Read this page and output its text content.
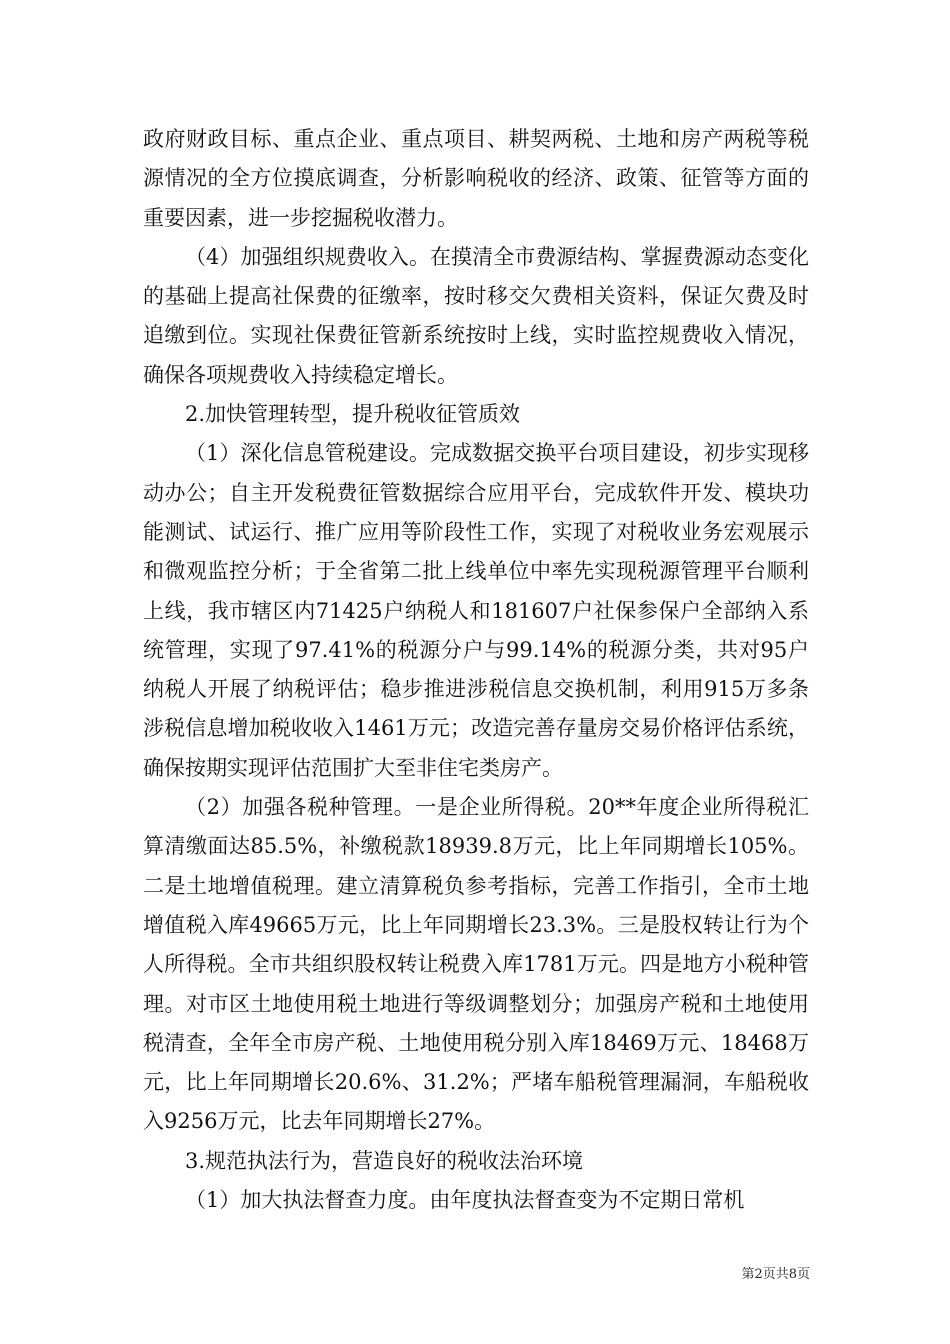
政府财政目标、重点企业、重点项目、耕契两税、土地和房产两税等税源情况的全方位摸底调查，分析影响税收的经济、政策、征管等方面的重要因素，进一步挖掘税收潜力。

（4）加强组织规费收入。在摸清全市费源结构、掌握费源动态变化的基础上提高社保费的征缴率，按时移交欠费相关资料，保证欠费及时追缴到位。实现社保费征管新系统按时上线，实时监控规费收入情况，确保各项规费收入持续稳定增长。

2.加快管理转型，提升税收征管质效

（1）深化信息管税建设。完成数据交换平台项目建设，初步实现移动办公；自主开发税费征管数据综合应用平台，完成软件开发、模块功能测试、试运行、推广应用等阶段性工作，实现了对税收业务宏观展示和微观监控分析；于全省第二批上线单位中率先实现税源管理平台顺利上线，我市辖区内71425户纳税人和181607户社保参保户全部纳入系统管理，实现了97.41%的税源分户与99.14%的税源分类，共对95户纳税人开展了纳税评估；稳步推进涉税信息交换机制，利用915万多条涉税信息增加税收收入1461万元；改造完善存量房交易价格评估系统，确保按期实现评估范围扩大至非住宅类房产。

（2）加强各税种管理。一是企业所得税。20**年度企业所得税汇算清缴面达85.5%，补缴税款18939.8万元，比上年同期增长105%。二是土地增值税理。建立清算税负参考指标，完善工作指引，全市土地增值税入库49665万元，比上年同期增长23.3%。三是股权转让行为个人所得税。全市共组织股权转让税费入库1781万元。四是地方小税种管理。对市区土地使用税土地进行等级调整划分；加强房产税和土地使用税清查，全年全市房产税、土地使用税分别入库18469万元、18468万元，比上年同期增长20.6%、31.2%；严堵车船税管理漏洞，车船税收入9256万元，比去年同期增长27%。

3.规范执法行为，营造良好的税收法治环境

（1）加大执法督查力度。由年度执法督查变为不定期日常机

第2页共8页
